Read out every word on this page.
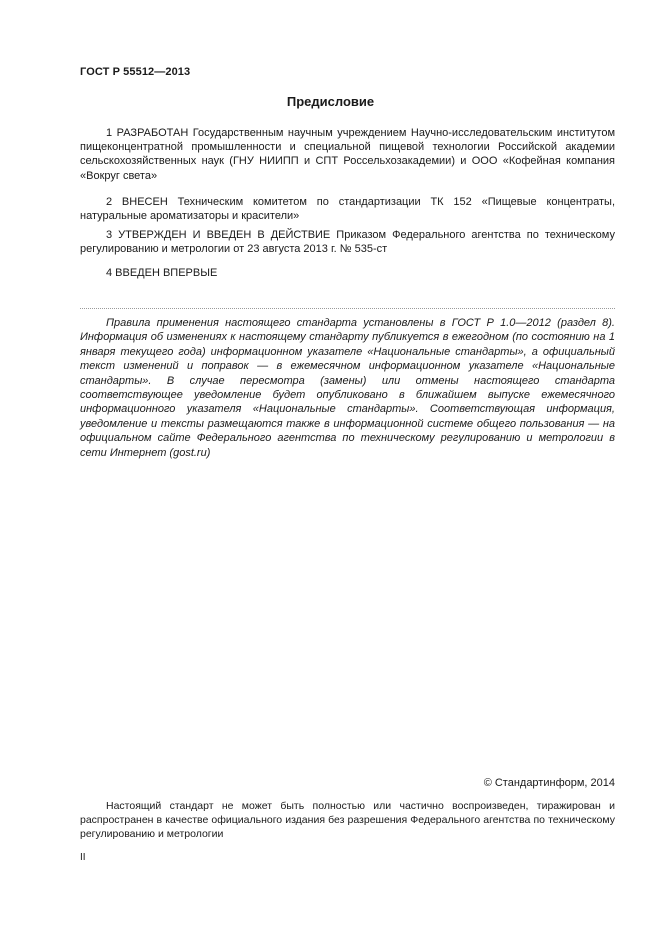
ГОСТ Р 55512—2013
Предисловие

1 РАЗРАБОТАН Государственным научным учреждением Научно-исследовательским институтом пищеконцентратной промышленности и специальной пищевой технологии Российской академии сельскохозяйственных наук (ГНУ НИИПП и СПТ Россельхозакадемии) и ООО «Кофейная компания «Вокруг света»

2 ВНЕСЕН Техническим комитетом по стандартизации ТК 152 «Пищевые концентраты, натуральные ароматизаторы и красители»

3 УТВЕРЖДЕН И ВВЕДЕН В ДЕЙСТВИЕ Приказом Федерального агентства по техническому регулированию и метрологии от 23 августа 2013 г. № 535-ст

4 ВВЕДЕН ВПЕРВЫЕ

Правила применения настоящего стандарта установлены в ГОСТ Р 1.0—2012 (раздел 8). Информация об изменениях к настоящему стандарту публикуется в ежегодном (по состоянию на 1 января текущего года) информационном указателе «Национальные стандарты», а официальный текст изменений и поправок — в ежемесячном информационном указателе «Национальные стандарты». В случае пересмотра (замены) или отмены настоящего стандарта соответствующее уведомление будет опубликовано в ближайшем выпуске ежемесячного информационного указателя «Национальные стандарты». Соответствующая информация, уведомление и тексты размещаются также в информационной системе общего пользования — на официальном сайте Федерального агентства по техническому регулированию и метрологии в сети Интернет (gost.ru)

© Стандартинформ, 2014

Настоящий стандарт не может быть полностью или частично воспроизведен, тиражирован и распространен в качестве официального издания без разрешения Федерального агентства по техническому регулированию и метрологии

II
